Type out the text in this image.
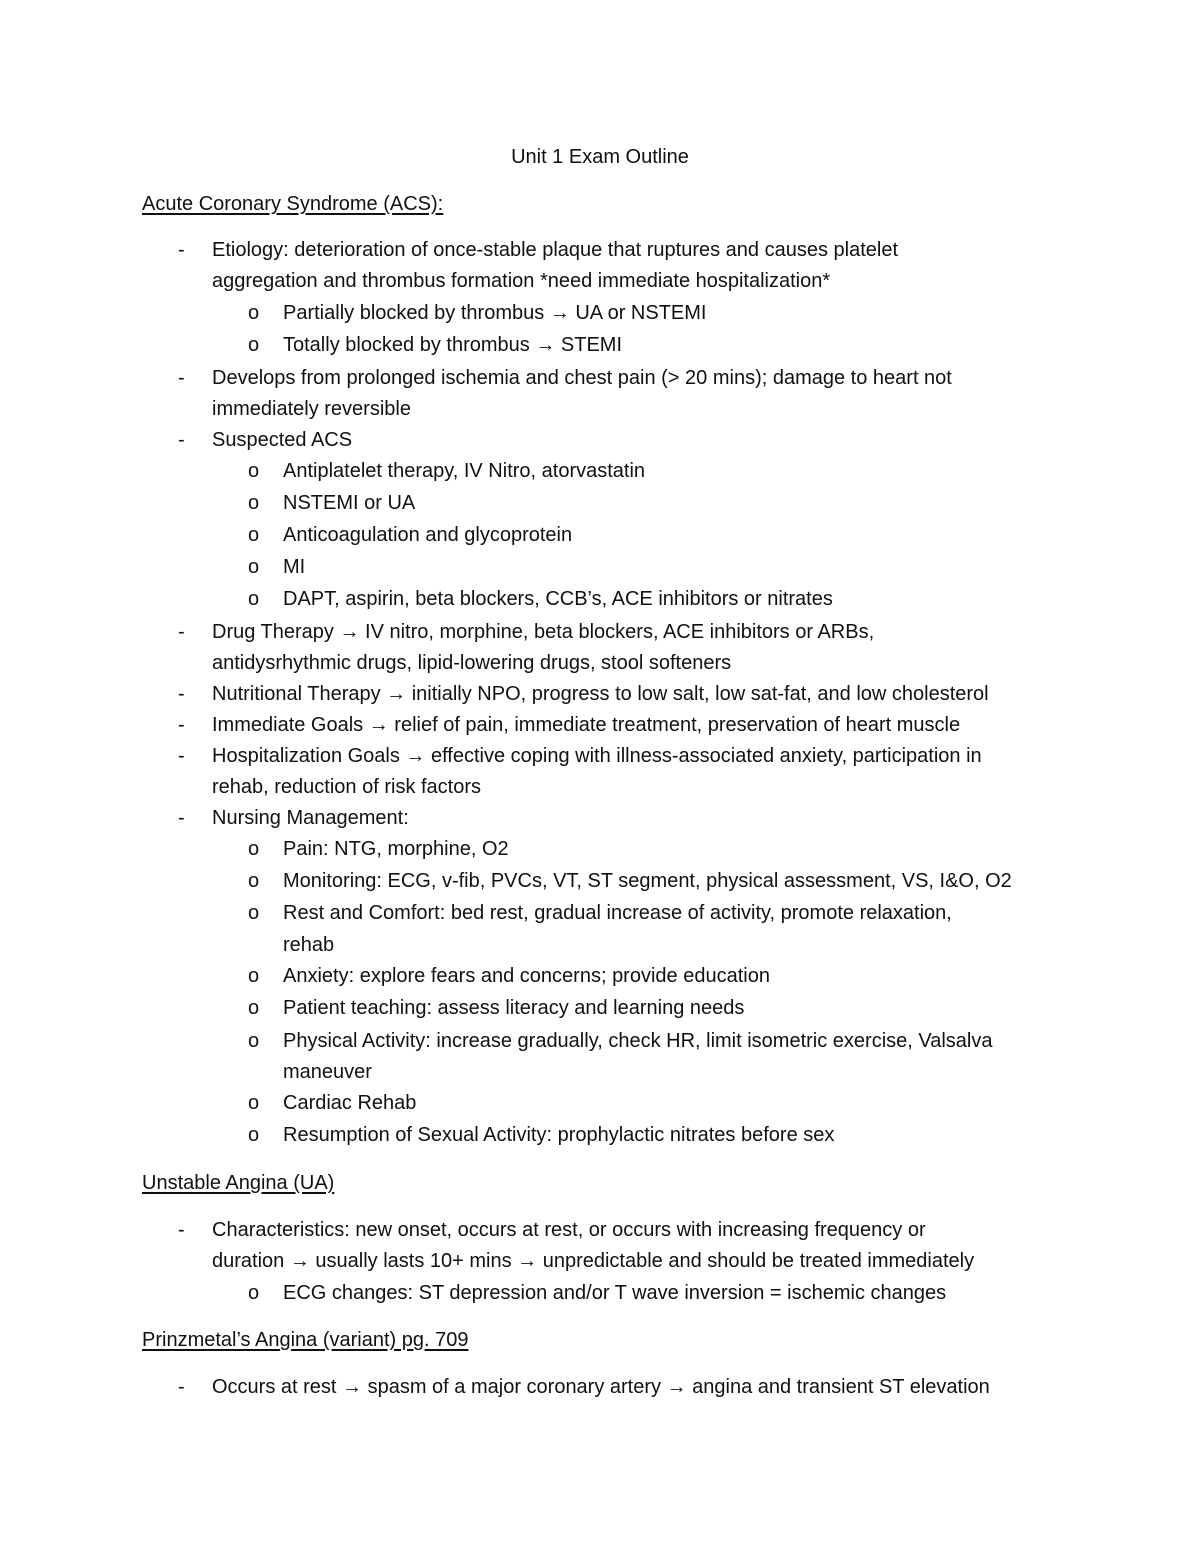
Unit 1 Exam Outline
Acute Coronary Syndrome (ACS):
- Etiology: deterioration of once-stable plaque that ruptures and causes platelet
aggregation and thrombus formation *need immediate hospitalization*
o Partially blocked by thrombus → UA or NSTEMI
o Totally blocked by thrombus → STEMI
- Develops from prolonged ischemia and chest pain (> 20 mins); damage to heart not
immediately reversible
- Suspected ACS
o Antiplatelet therapy, IV Nitro, atorvastatin
o NSTEMI or UA
o Anticoagulation and glycoprotein
o MI
o DAPT, aspirin, beta blockers, CCB’s, ACE inhibitors or nitrates
- Drug Therapy → IV nitro, morphine, beta blockers, ACE inhibitors or ARBs,
antidysrhythmic drugs, lipid-lowering drugs, stool softeners
- Nutritional Therapy → initially NPO, progress to low salt, low sat-fat, and low cholesterol
- Immediate Goals → relief of pain, immediate treatment, preservation of heart muscle
- Hospitalization Goals → effective coping with illness-associated anxiety, participation in
rehab, reduction of risk factors
- Nursing Management:
o Pain: NTG, morphine, O2
o Monitoring: ECG, v-fib, PVCs, VT, ST segment, physical assessment, VS, I&O, O2
o Rest and Comfort: bed rest, gradual increase of activity, promote relaxation,
rehab
o Anxiety: explore fears and concerns; provide education
o Patient teaching: assess literacy and learning needs
o Physical Activity: increase gradually, check HR, limit isometric exercise, Valsalva
maneuver
o Cardiac Rehab
o Resumption of Sexual Activity: prophylactic nitrates before sex
Unstable Angina (UA)
- Characteristics: new onset, occurs at rest, or occurs with increasing frequency or
duration → usually lasts 10+ mins → unpredictable and should be treated immediately
o ECG changes: ST depression and/or T wave inversion = ischemic changes
Prinzmetal’s Angina (variant) pg. 709
- Occurs at rest → spasm of a major coronary artery → angina and transient ST elevation
